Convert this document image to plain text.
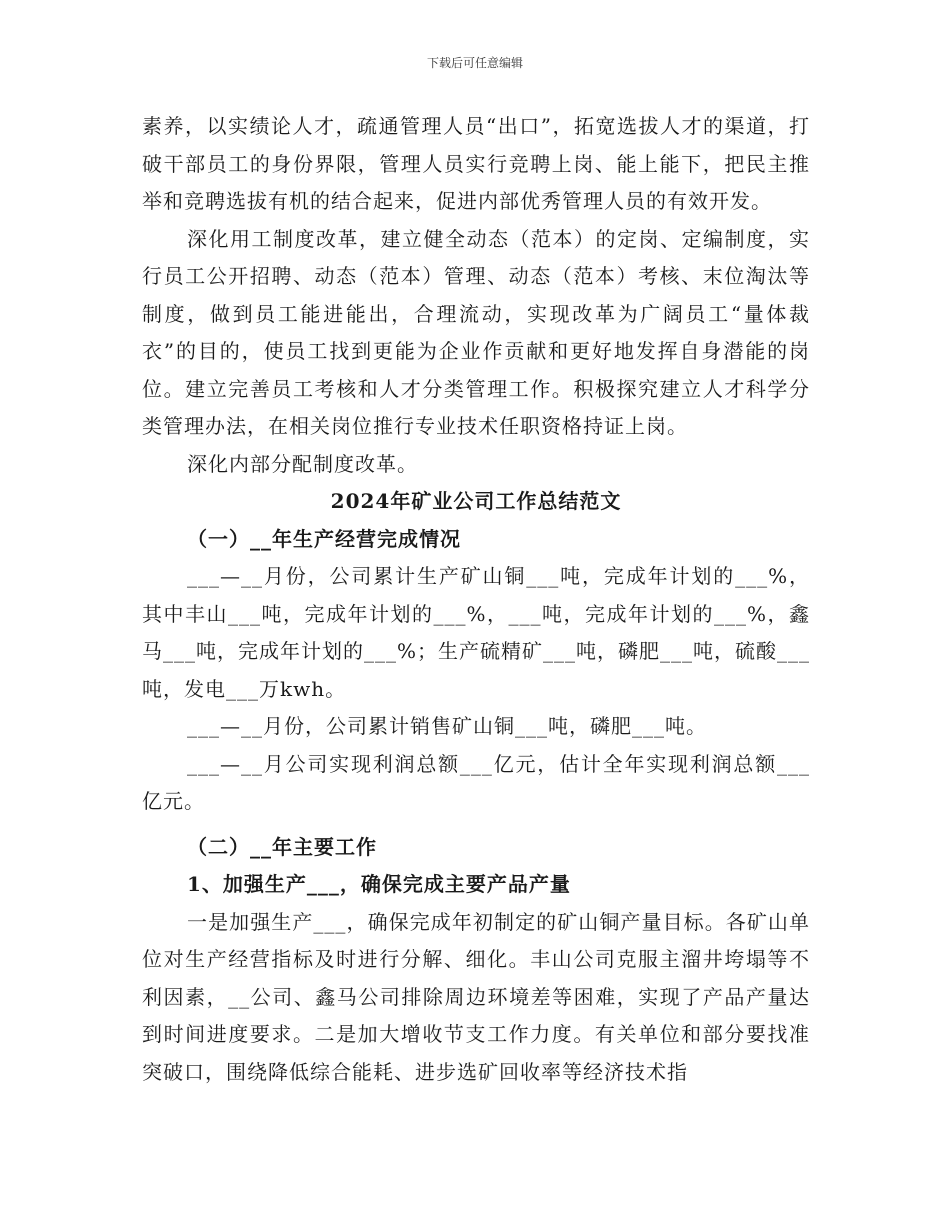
下载后可任意编辑

素养，以实绩论人才，疏通管理人员“出口”，拓宽选拔人才的渠道，打破干部员工的身份界限，管理人员实行竞聘上岗、能上能下，把民主推举和竞聘选拔有机的结合起来，促进内部优秀管理人员的有效开发。

深化用工制度改革，建立健全动态（范本）的定岗、定编制度，实行员工公开招聘、动态（范本）管理、动态（范本）考核、末位淘汰等制度，做到员工能进能出，合理流动，实现改革为广阔员工“量体裁衣”的目的，使员工找到更能为企业作贡献和更好地发挥自身潜能的岗位。建立完善员工考核和人才分类管理工作。积极探究建立人才科学分类管理办法，在相关岗位推行专业技术任职资格持证上岗。

深化内部分配制度改革。

2024年矿业公司工作总结范文

（一）__年生产经营完成情况

___—__月份，公司累计生产矿山铜___吨，完成年计划的___%，其中丰山___吨，完成年计划的___%，___吨，完成年计划的___%，鑫马___吨，完成年计划的___%；生产硫精矿___吨，磷肥___吨，硫酸___吨，发电___万kwh。

___—__月份，公司累计销售矿山铜___吨，磷肥___吨。

___—__月公司实现利润总额___亿元，估计全年实现利润总额___亿元。

（二）__年主要工作

1、加强生产___，确保完成主要产品产量

一是加强生产___，确保完成年初制定的矿山铜产量目标。各矿山单位对生产经营指标及时进行分解、细化。丰山公司克服主溜井垮塌等不利因素，__公司、鑫马公司排除周边环境差等困难，实现了产品产量达到时间进度要求。二是加大增收节支工作力度。有关单位和部分要找准突破口，围绕降低综合能耗、进步选矿回收率等经济技术指
